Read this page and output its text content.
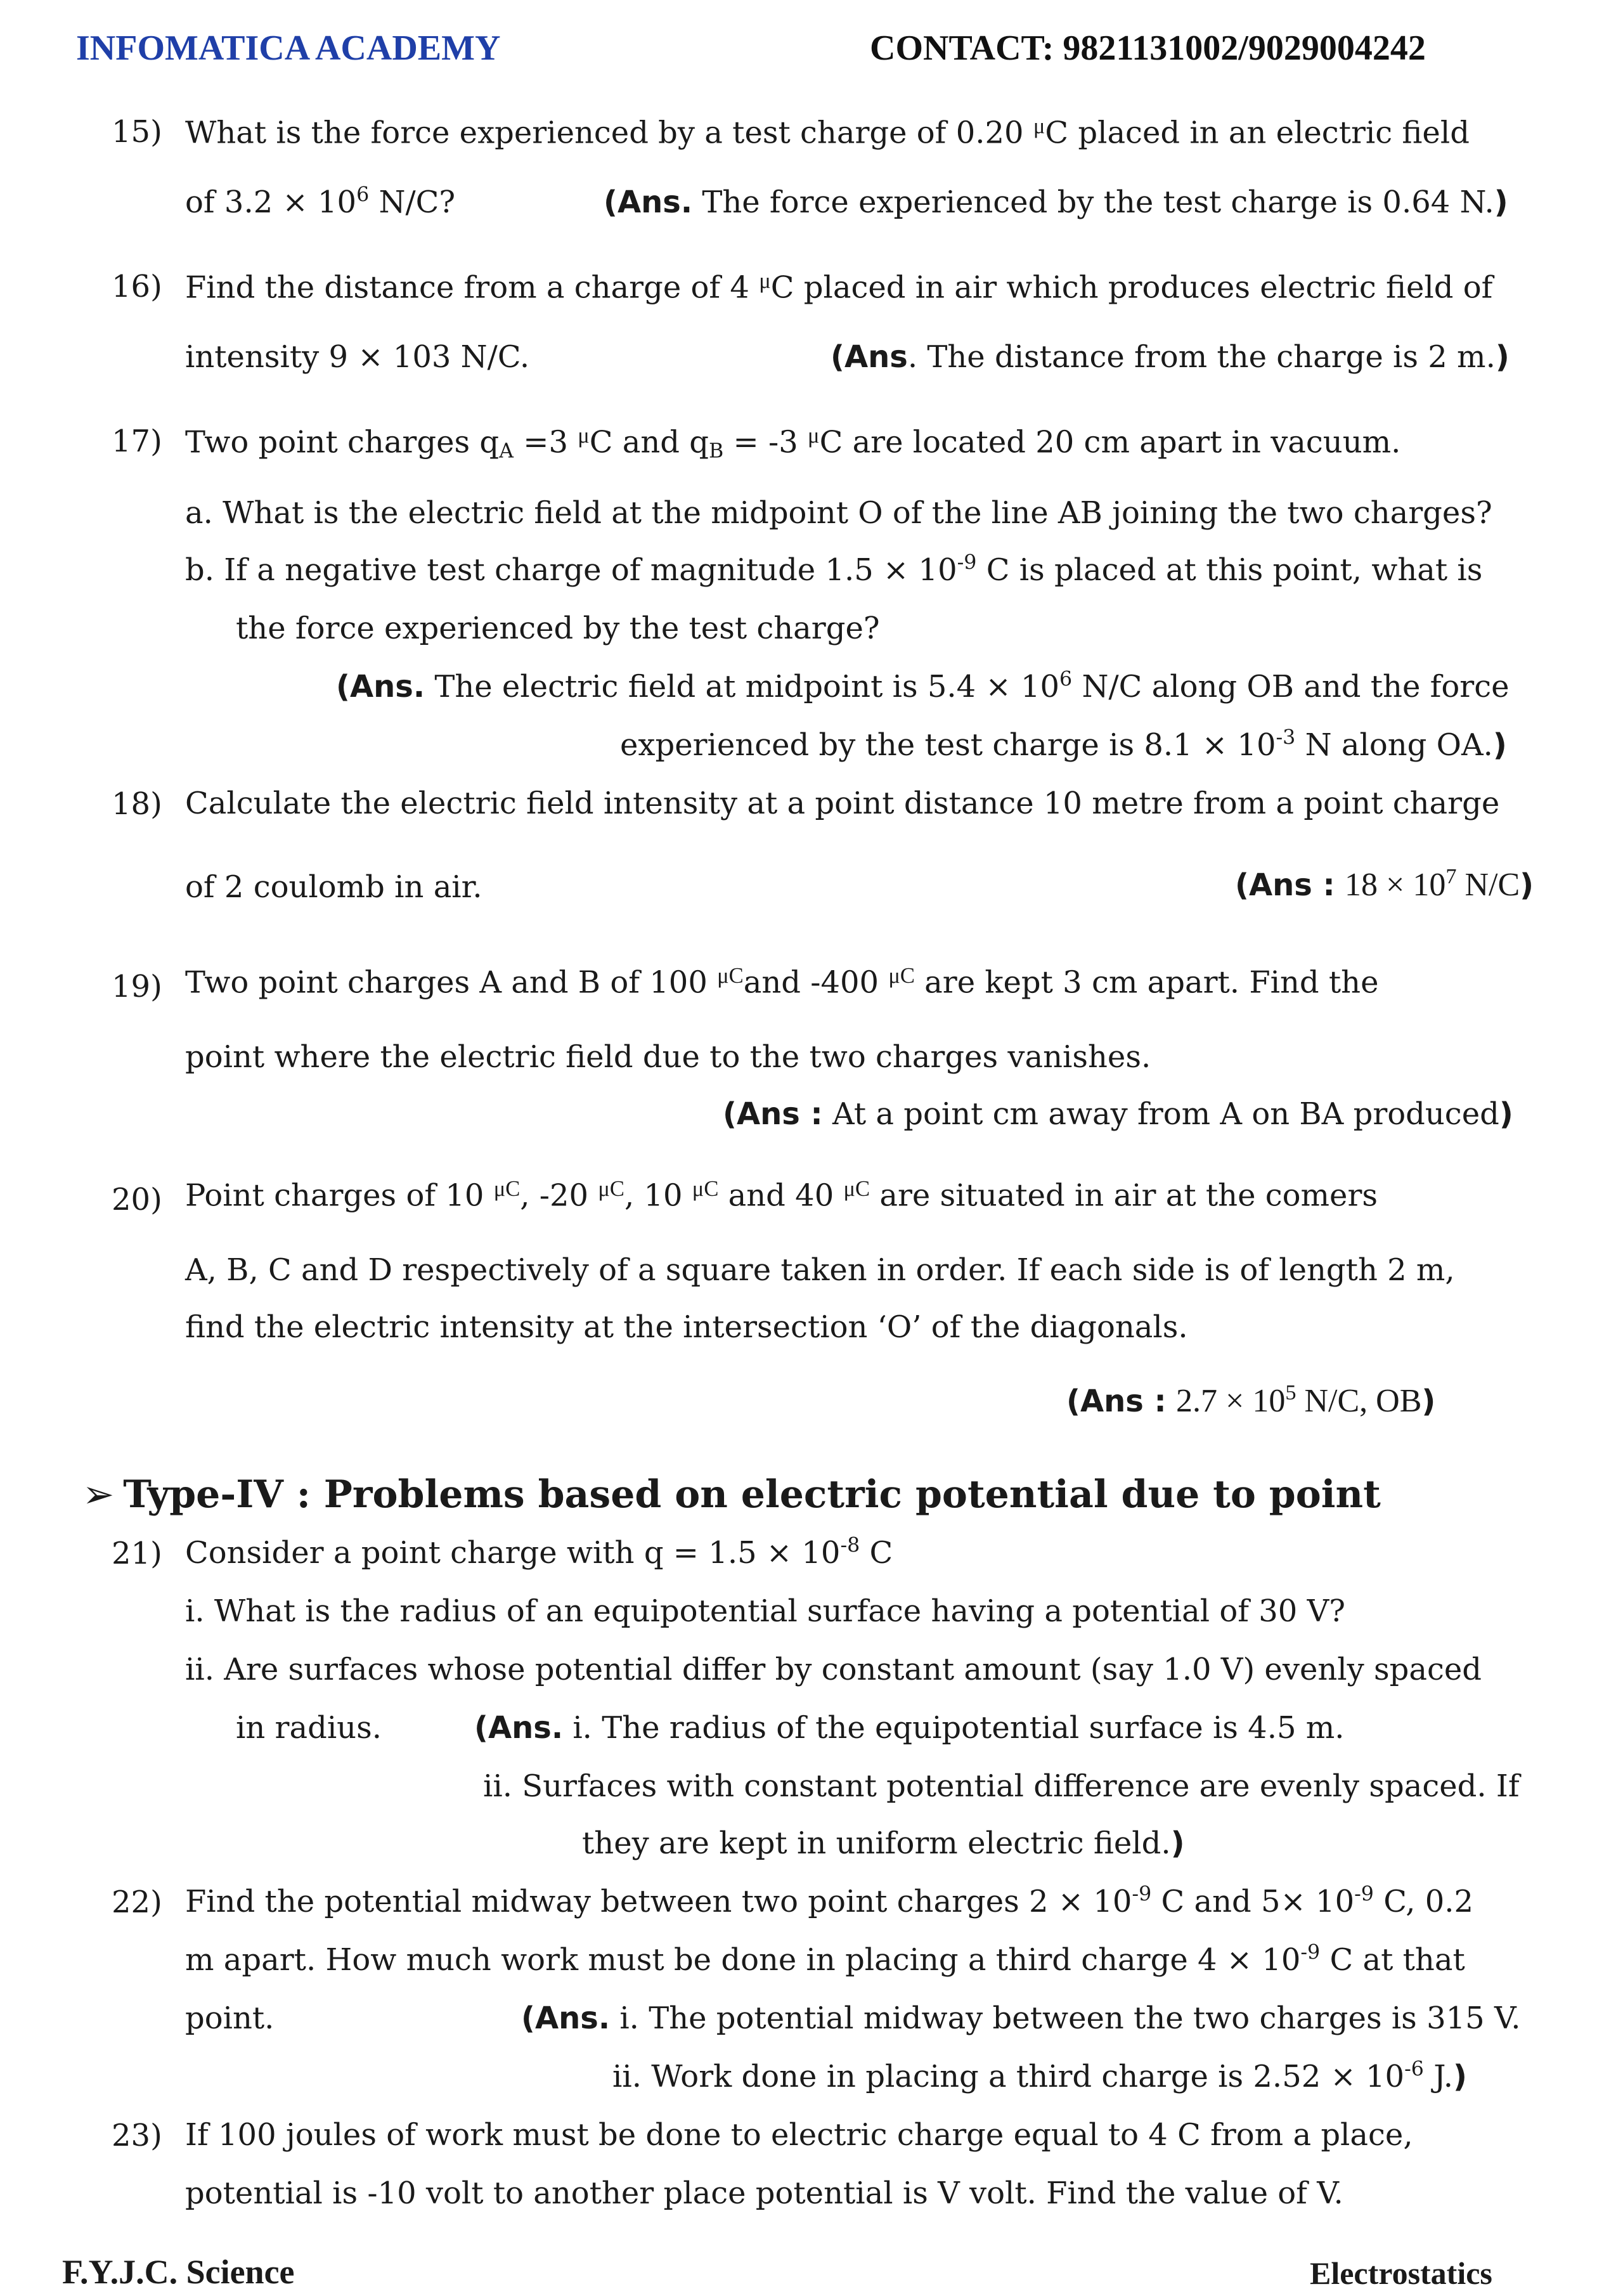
INFOMATICA ACADEMY	CONTACT: 9821131002/9029004242
15) What is the force experienced by a test charge of 0.20 $^\mu$C placed in an electric field
of $3.2 \times 10^6$ N/C?	(Ans. The force experienced by the test charge is 0.64 N.)
16) Find the distance from a charge of 4 $^\mu$C placed in air which produces electric field of
intensity 9 × 103 N/C.	(Ans. The distance from the charge is 2 m.)
17) Two point charges $q_A =3$ $^\mu$C and $q_B = -3$ $^\mu$C are located 20 cm apart in vacuum.
a. What is the electric field at the midpoint O of the line AB joining the two charges?
b. If a negative test charge of magnitude $1.5 \times 10^{-9}$ C is placed at this point, what is
the force experienced by the test charge?
(Ans. The electric field at midpoint is $5.4 \times 10^6$ N/C along OB and the force
experienced by the test charge is $8.1 \times 10^{-3}$ N along OA.)
18) Calculate the electric field intensity at a point distance 10 metre from a point charge
of 2 coulomb in air.	(Ans : $18 \times 10^7$ N/C)
19) Two point charges A and B of 100 $^{\mu C}$and -400 $^{\mu C}$ are kept 3 cm apart. Find the
point where the electric field due to the two charges vanishes.
(Ans : At a point cm away from A on BA produced)
20) Point charges of 10 $^{\mu C}$, -20 $^{\mu C}$, 10 $^{\mu C}$ and 40 $^{\mu C}$ are situated in air at the comers
A, B, C and D respectively of a square taken in order. If each side is of length 2 m,
find the electric intensity at the intersection ‘O’ of the diagonals.
(Ans : $2.7 \times 10^5$ N/C, OB)
➢ Type-IV : Problems based on electric potential due to point
21) Consider a point charge with $q = 1.5 \times 10^{-8}$ C
i. What is the radius of an equipotential surface having a potential of 30 V?
ii. Are surfaces whose potential differ by constant amount (say 1.0 V) evenly spaced
in radius.	(Ans. i. The radius of the equipotential surface is 4.5 m.
ii. Surfaces with constant potential difference are evenly spaced. If
they are kept in uniform electric field.)
22) Find the potential midway between two point charges $2 \times 10^{-9}$ C and $5\times 10^{-9}$ C, 0.2
m apart. How much work must be done in placing a third charge $4 \times 10^{-9}$ C at that
point.	(Ans. i. The potential midway between the two charges is 315 V.
ii. Work done in placing a third charge is $2.52 \times 10^{-6}$ J.)
23) If 100 joules of work must be done to electric charge equal to 4 C from a place,
potential is -10 volt to another place potential is V volt. Find the value of V.
F.Y.J.C. Science	Electrostatics
